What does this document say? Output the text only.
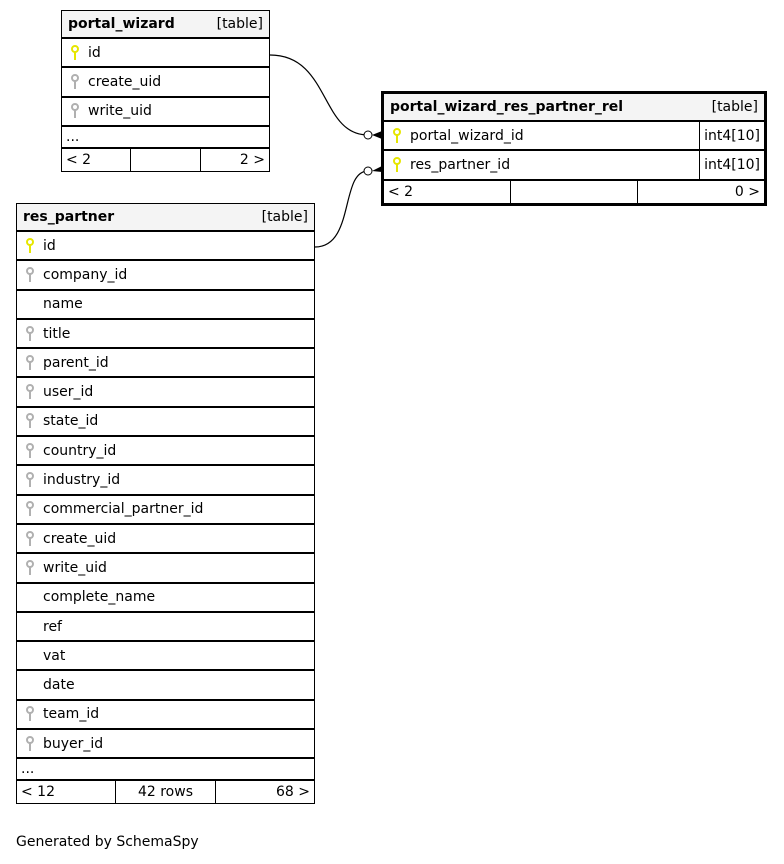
portal_wizard	[table]
id
create_uid
write_uid
...
< 2	2 >
portal_wizard_res_partner_rel	[table]
portal_wizard_id	int4[10]
res_partner_id	int4[10]
< 2	0 >
res_partner	[table]
id
company_id
name
title
parent_id
user_id
state_id
country_id
industry_id
commercial_partner_id
create_uid
write_uid
complete_name
ref
vat
date
team_id
buyer_id
...
< 12	42 rows	68 >
Generated by SchemaSpy
